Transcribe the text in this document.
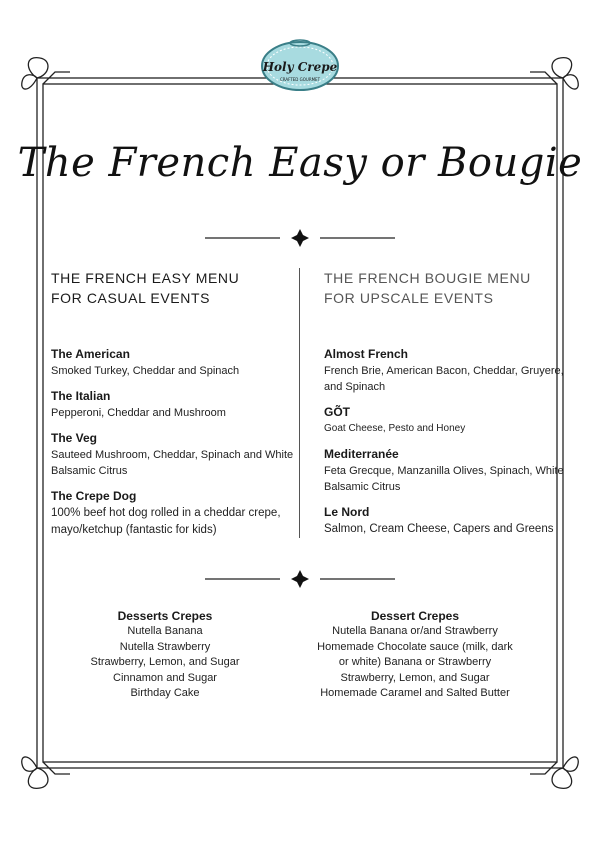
Holy Crepe
CRAFTED GOURMET
The French Easy or Bougie
THE FRENCH EASY MENU
FOR CASUAL EVENTS
THE FRENCH BOUGIE MENU
FOR UPSCALE EVENTS
The American
Smoked Turkey, Cheddar and Spinach
The Italian
Pepperoni, Cheddar and Mushroom
The Veg
Sauteed Mushroom, Cheddar, Spinach and White Balsamic Citrus
The Crepe Dog
100% beef hot dog rolled in a cheddar crepe, mayo/ketchup (fantastic for kids)
Almost French
French Brie, American Bacon, Cheddar, Gruyere, and Spinach
GÕT
Goat Cheese, Pesto and Honey
Mediterranée
Feta Grecque, Manzanilla Olives, Spinach, White Balsamic Citrus
Le Nord
Salmon, Cream Cheese, Capers and Greens
Desserts Crepes
Nutella Banana
Nutella Strawberry
Strawberry, Lemon, and Sugar
Cinnamon and Sugar
Birthday Cake
Dessert Crepes
Nutella Banana or/and Strawberry
Homemade Chocolate sauce (milk, dark
or white) Banana or Strawberry
Strawberry, Lemon, and Sugar
Homemade Caramel and Salted Butter
